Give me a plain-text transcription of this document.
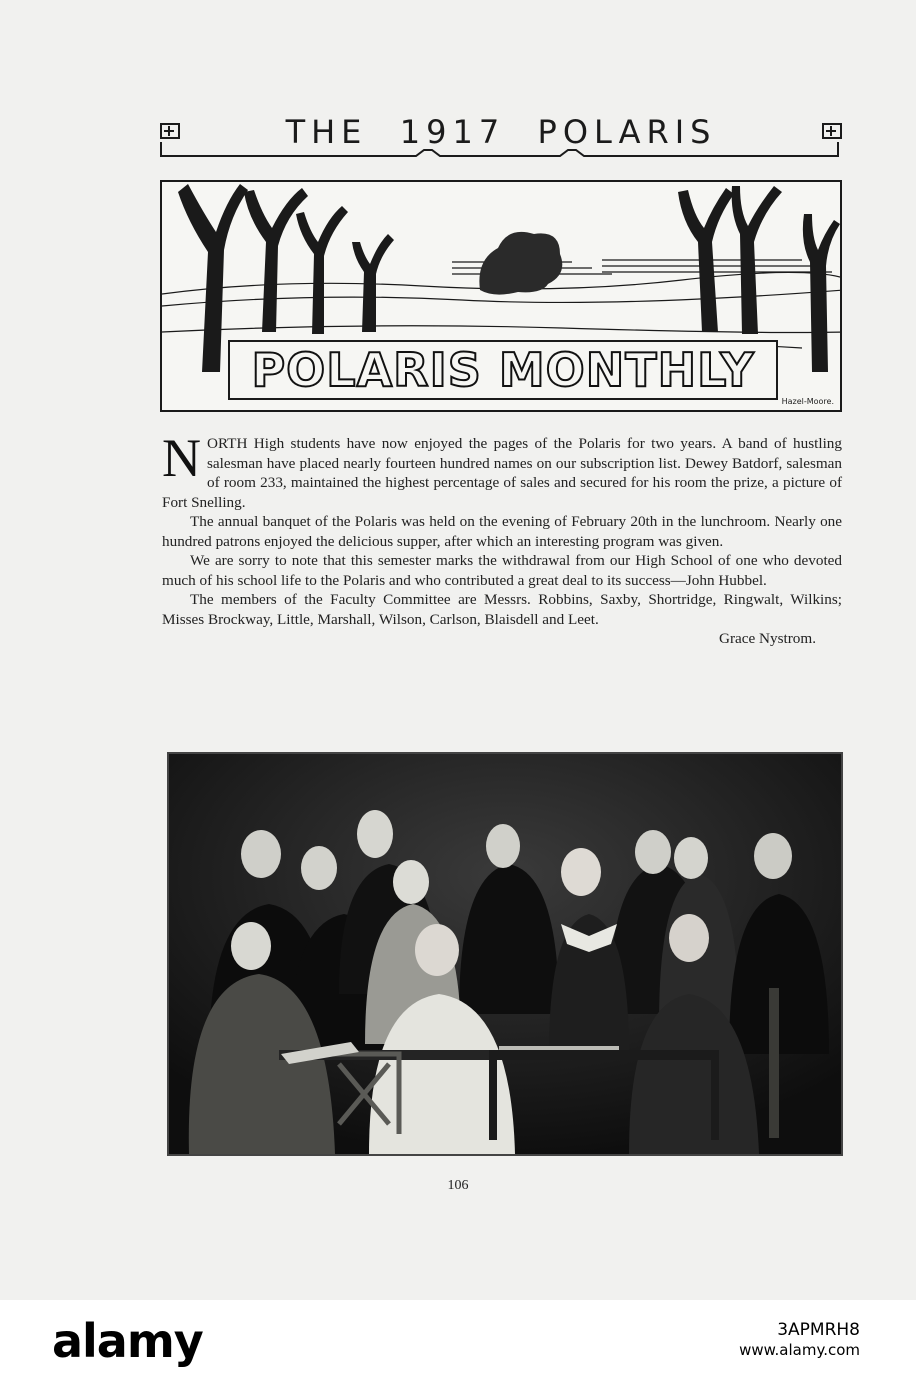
THE  1917  POLARIS
POLARIS MONTHLY
Hazel-Moore.

NORTH High students have now enjoyed the pages of the Polaris for two years. A band of hustling salesman have placed nearly fourteen hundred names on our subscription list. Dewey Batdorf, salesman of room 233, maintained the highest percentage of sales and secured for his room the prize, a picture of Fort Snelling.

The annual banquet of the Polaris was held on the evening of February 20th in the lunchroom. Nearly one hundred patrons enjoyed the delicious supper, after which an interesting program was given.

We are sorry to note that this semester marks the withdrawal from our High School of one who devoted much of his school life to the Polaris and who contributed a great deal to its success—John Hubbel.

The members of the Faculty Committee are Messrs. Robbins, Saxby, Shortridge, Ringwalt, Wilkins; Misses Brockway, Little, Marshall, Wilson, Carlson, Blaisdell and Leet.

Grace Nystrom.
106
alamy	3APMRH8
www.alamy.com
